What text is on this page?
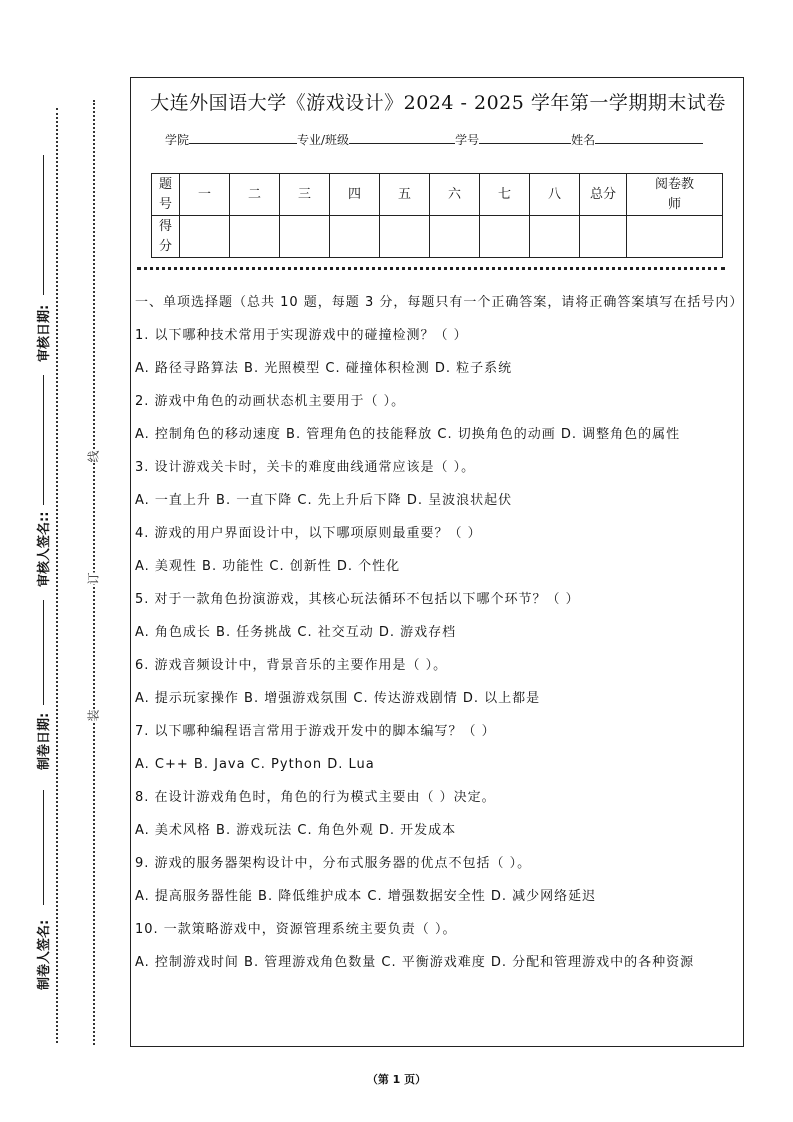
审核日期:
审核人签名::
制卷日期:
制卷人签名:
线
订
装
大连外国语大学《游戏设计》2024 - 2025 学年第一学期期末试卷
学院	专业/班级	学号	姓名
题号	一	二	三	四	五	六	七	八	总分	阅卷教师
得分										

一、单项选择题（总共 10 题，每题 3 分，每题只有一个正确答案，请将正确答案填写在括号内）

1. 以下哪种技术常用于实现游戏中的碰撞检测？（ ）

A. 路径寻路算法 B. 光照模型 C. 碰撞体积检测 D. 粒子系统

2. 游戏中角色的动画状态机主要用于（ ）。

A. 控制角色的移动速度 B. 管理角色的技能释放 C. 切换角色的动画 D. 调整角色的属性

3. 设计游戏关卡时，关卡的难度曲线通常应该是（ ）。

A. 一直上升 B. 一直下降 C. 先上升后下降 D. 呈波浪状起伏

4. 游戏的用户界面设计中，以下哪项原则最重要？（ ）

A. 美观性 B. 功能性 C. 创新性 D. 个性化

5. 对于一款角色扮演游戏，其核心玩法循环不包括以下哪个环节？（ ）

A. 角色成长 B. 任务挑战 C. 社交互动 D. 游戏存档

6. 游戏音频设计中，背景音乐的主要作用是（ ）。

A. 提示玩家操作 B. 增强游戏氛围 C. 传达游戏剧情 D. 以上都是

7. 以下哪种编程语言常用于游戏开发中的脚本编写？（ ）

A. C++ B. Java C. Python D. Lua

8. 在设计游戏角色时，角色的行为模式主要由（ ）决定。

A. 美术风格 B. 游戏玩法 C. 角色外观 D. 开发成本

9. 游戏的服务器架构设计中，分布式服务器的优点不包括（ ）。

A. 提高服务器性能 B. 降低维护成本 C. 增强数据安全性 D. 减少网络延迟

10. 一款策略游戏中，资源管理系统主要负责（ ）。

A. 控制游戏时间 B. 管理游戏角色数量 C. 平衡游戏难度 D. 分配和管理游戏中的各种资源

（第 1 页）
